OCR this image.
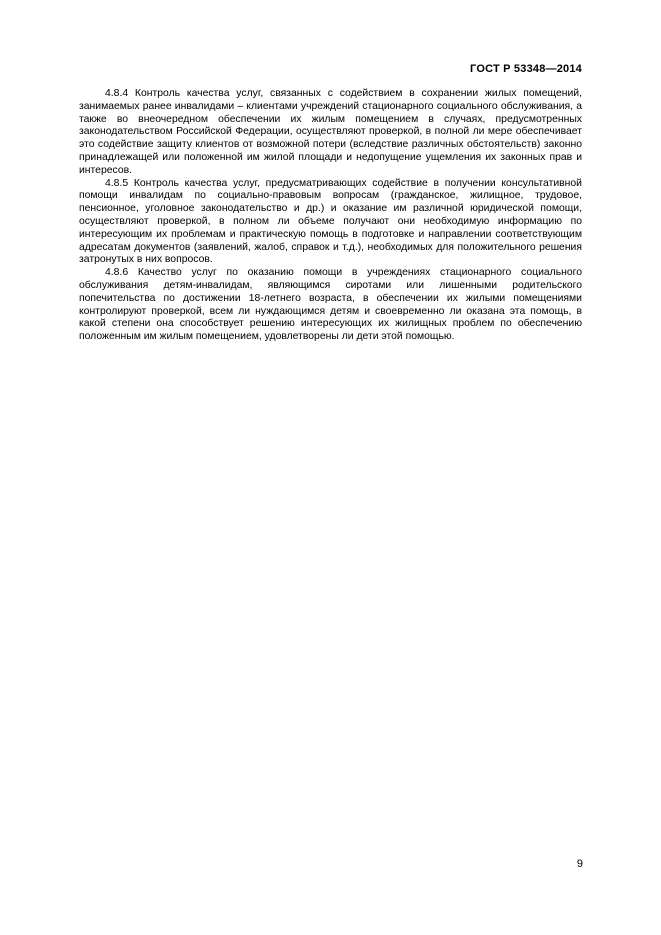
ГОСТ Р 53348—2014

4.8.4 Контроль качества услуг, связанных с содействием в сохранении жилых помещений, занимаемых ранее инвалидами – клиентами учреждений стационарного социального обслуживания, а также во внеочередном обеспечении их жилым помещением в случаях, предусмотренных законодательством Российской Федерации, осуществляют проверкой, в полной ли мере обеспечивает это содействие защиту клиентов от возможной потери (вследствие различных обстоятельств) законно принадлежащей или положенной им жилой площади и недопущение ущемления их законных прав и интересов.

4.8.5 Контроль качества услуг, предусматривающих содействие в получении консультативной помощи инвалидам по социально-правовым вопросам (гражданское, жилищное, трудовое, пенсионное, уголовное законодательство и др.) и оказание им различной юридической помощи, осуществляют проверкой, в полном ли объеме получают они необходимую информацию по интересующим их проблемам и практическую помощь в подготовке и направлении соответствующим адресатам документов (заявлений, жалоб, справок и т.д.), необходимых для положительного решения затронутых в них вопросов.

4.8.6 Качество услуг по оказанию помощи в учреждениях стационарного социального обслуживания детям-инвалидам, являющимся сиротами или лишенными родительского попечительства по достижении 18-летнего возраста, в обеспечении их жилыми помещениями контролируют проверкой, всем ли нуждающимся детям и своевременно ли оказана эта помощь, в какой степени она способствует решению интересующих их жилищных проблем по обеспечению положенным им жилым помещением, удовлетворены ли дети этой помощью.

9
